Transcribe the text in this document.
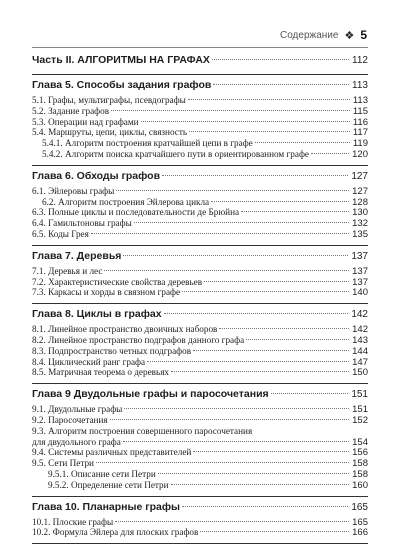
Содержание ❖ 5
Часть II. АЛГОРИТМЫ НА ГРАФАХ	112
Глава 5. Способы задания графов	113
5.1. Графы, мультиграфы, псевдографы	113
5.2. Задание графов	115
5.3. Операции над графами	116
5.4. Маршруты, цепи, циклы, связность	117
5.4.1. Алгоритм построения кратчайшей цепи в графе	119
5.4.2. Алгоритм поиска кратчайшего пути в ориентированном графе	120
Глава 6. Обходы графов	127
6.1. Эйлеровы графы	127
6.2. Алгоритм построения Эйлерова цикла	128
6.3. Полные циклы и последовательности де Брюйна	130
6.4. Гамильтоновы графы	132
6.5. Коды Грея	135
Глава 7. Деревья	137
7.1. Деревья и лес	137
7.2. Характеристические свойства деревьев	137
7.3. Каркасы и хорды в связном графе	140
Глава 8. Циклы в графах	142
8.1. Линейное пространство двоичных наборов	142
8.2. Линейное пространство подграфов данного графа	143
8.3. Подпространство четных подграфов	144
8.4. Цикличеcкий ранг графа	147
8.5. Матричная теорема о деревьях	150
Глава 9 Двудольные графы и паросочетания	151
9.1. Двудольные графы	151
9.2. Паросочетания	152
9.3. Алгоритм построения совершенного паросочетания
для двудольного графа	154
9.4. Системы различных представителей	156
9.5. Сети Петри	158
9.5.1. Описание сети Петри	158
9.5.2. Определение сети Петри	160
Глава 10. Планарные графы	165
10.1. Плоские графы	165
10.2. Формула Эйлера для плоских графов	166
